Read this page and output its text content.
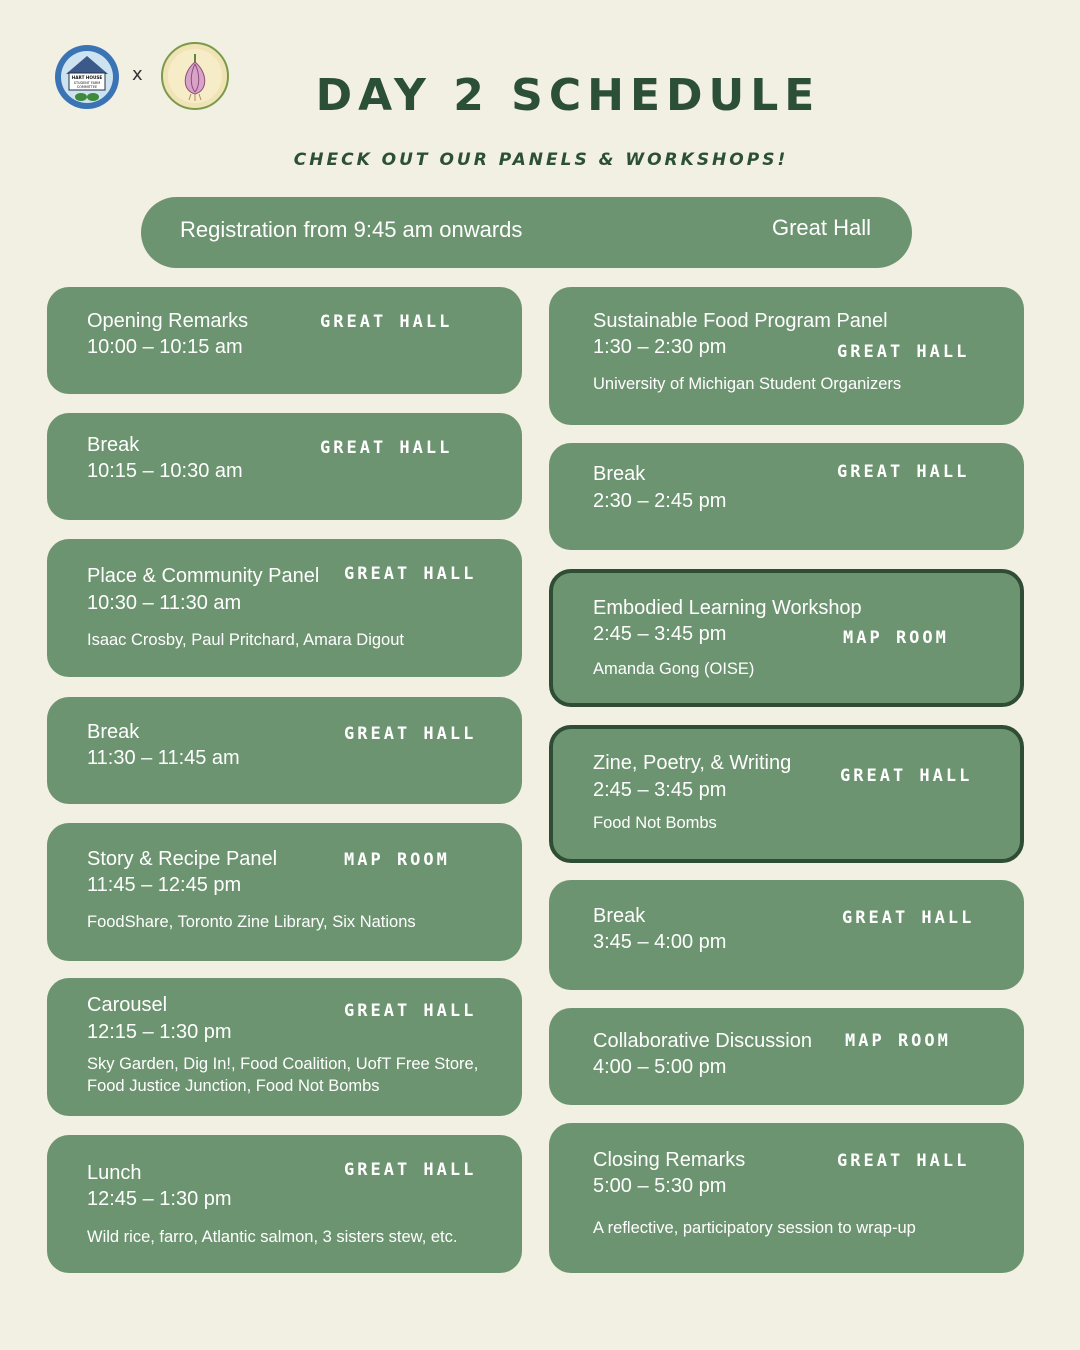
HART HOUSE
STUDENT FARM
COMMITTEE
x	DAY 2 SCHEDULE
CHECK OUT OUR PANELS & WORKSHOPS!
Registration from 9:45 am onwards	Great Hall
Opening Remarks
10:00 – 10:15 am
GREAT HALL
Break
10:15 – 10:30 am
GREAT HALL
Place & Community Panel
10:30 – 11:30 am
Isaac Crosby, Paul Pritchard, Amara Digout
GREAT HALL
Break
11:30 – 11:45 am
GREAT HALL
Story & Recipe Panel
11:45 – 12:45 pm
FoodShare, Toronto Zine Library, Six Nations
MAP ROOM
Carousel
12:15 – 1:30 pm
Sky Garden, Dig In!, Food Coalition, UofT Free Store, Food Justice Junction, Food Not Bombs
GREAT HALL
Lunch
12:45 – 1:30 pm
Wild rice, farro, Atlantic salmon, 3 sisters stew, etc.
GREAT HALL
Sustainable Food Program Panel
1:30 – 2:30 pm
University of Michigan Student Organizers
GREAT HALL
Break
2:30 – 2:45 pm
GREAT HALL
Embodied Learning Workshop
2:45 – 3:45 pm
Amanda Gong (OISE)
MAP ROOM
Zine, Poetry, & Writing
2:45 – 3:45 pm
Food Not Bombs
GREAT HALL
Break
3:45 – 4:00 pm
GREAT HALL
Collaborative Discussion
4:00 – 5:00 pm
MAP ROOM
Closing Remarks
5:00 – 5:30 pm
A reflective, participatory session to wrap-up
GREAT HALL
